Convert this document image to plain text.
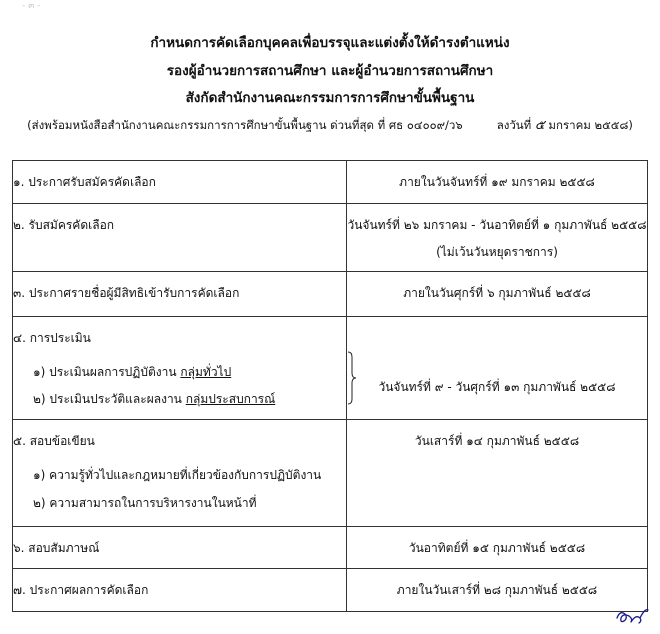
- ๓ -
กำหนดการคัดเลือกบุคคลเพื่อบรรจุและแต่งตั้งให้ดำรงตำแหน่ง
รองผู้อำนวยการสถานศึกษา และผู้อำนวยการสถานศึกษา
สังกัดสำนักงานคณะกรรมการการศึกษาขั้นพื้นฐาน
(ส่งพร้อมหนังสือสำนักงานคณะกรรมการการศึกษาขั้นพื้นฐาน ด่วนที่สุด ที่ ศธ ๐๔๐๐๙/ว๖	ลงวันที่ ๕ มกราคม ๒๕๕๘)
๑. ประกาศรับสมัครคัดเลือก	ภายในวันจันทร์ที่ ๑๙ มกราคม ๒๕๕๘

๒. รับสมัครคัดเลือก	วันจันทร์ที่ ๒๖ มกราคม - วันอาทิตย์ที่ ๑ กุมภาพันธ์ ๒๕๕๘
(ไม่เว้นวันหยุดราชการ)

๓. ประกาศรายชื่อผู้มีสิทธิเข้ารับการคัดเลือก	ภายในวันศุกร์ที่ ๖ กุมภาพันธ์ ๒๕๕๘

๔. การประเมิน
๑) ประเมินผลการปฏิบัติงาน กลุ่มทั่วไป
๒) ประเมินประวัติและผลงาน กลุ่มประสบการณ์	วันจันทร์ที่ ๙ - วันศุกร์ที่ ๑๓ กุมภาพันธ์ ๒๕๕๘

๕. สอบข้อเขียน
๑) ความรู้ทั่วไปและกฎหมายที่เกี่ยวข้องกับการปฏิบัติงาน
๒) ความสามารถในการบริหารงานในหน้าที่	วันเสาร์ที่ ๑๔ กุมภาพันธ์ ๒๕๕๘

๖. สอบสัมภาษณ์	วันอาทิตย์ที่ ๑๕ กุมภาพันธ์ ๒๕๕๘

๗. ประกาศผลการคัดเลือก	ภายในวันเสาร์ที่ ๒๘ กุมภาพันธ์ ๒๕๕๘
